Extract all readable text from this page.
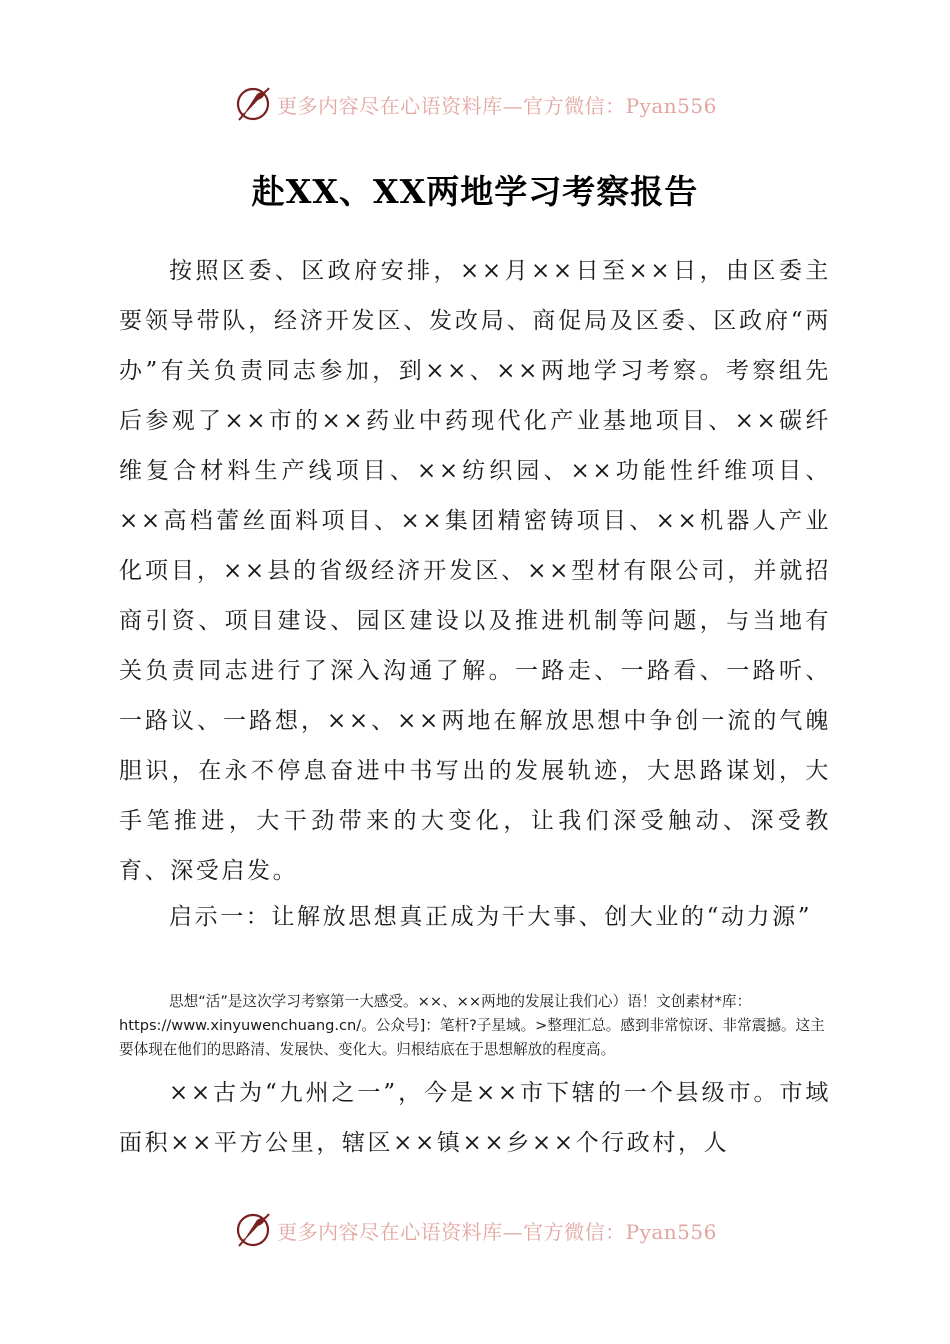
更多内容尽在心语资料库—官方微信：Pyan556
赴XX、XX两地学习考察报告

按照区委、区政府安排，××月××日至××日，由区委主要领导带队，经济开发区、发改局、商促局及区委、区政府“两办”有关负责同志参加，到××、××两地学习考察。考察组先后参观了××市的××药业中药现代化产业基地项目、××碳纤维复合材料生产线项目、××纺织园、××功能性纤维项目、××高档蕾丝面料项目、××集团精密铸项目、××机器人产业化项目，××县的省级经济开发区、××型材有限公司，并就招商引资、项目建设、园区建设以及推进机制等问题，与当地有关负责同志进行了深入沟通了解。一路走、一路看、一路听、一路议、一路想，××、××两地在解放思想中争创一流的气魄胆识，在永不停息奋进中书写出的发展轨迹，大思路谋划，大手笔推进，大干劲带来的大变化，让我们深受触动、深受教育、深受启发。

启示一：让解放思想真正成为干大事、创大业的“动力源”

思想“活”是这次学习考察第一大感受。××、××两地的发展让我们心）语！文创素材*库：https://www.xinyuwenchuang.cn/。公众号]：笔杆?子星域。>整理汇总。感到非常惊讶、非常震撼。这主要体现在他们的思路清、发展快、变化大。归根结底在于思想解放的程度高。

××古为“九州之一”，今是××市下辖的一个县级市。市域面积××平方公里，辖区××镇××乡××个行政村，人

更多内容尽在心语资料库—官方微信：Pyan556
